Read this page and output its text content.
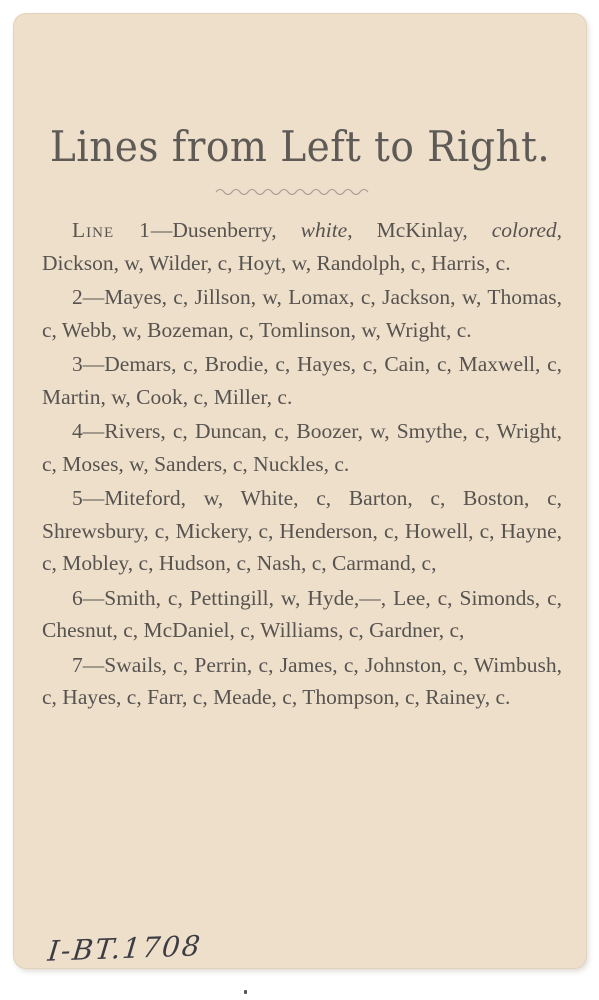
Lines from Left to Right.

Line 1—Dusenberry, white, McKinlay, colored, Dickson, w, Wilder, c, Hoyt, w, Randolph, c, Harris, c.

2—Mayes, c, Jillson, w, Lomax, c, Jackson, w, Thomas, c, Webb, w, Bozeman, c, Tomlinson, w, Wright, c.

3—Demars, c, Brodie, c, Hayes, c, Cain, c, Maxwell, c, Martin, w, Cook, c, Miller, c.

4—Rivers, c, Duncan, c, Boozer, w, Smythe, c, Wright, c, Moses, w, Sanders, c, Nuckles, c.

5—Miteford, w, White, c, Barton, c, Boston, c, Shrewsbury, c, Mickery, c, Henderson, c, Howell, c, Hayne, c, Mobley, c, Hudson, c, Nash, c, Carmand, c,

6—Smith, c, Pettingill, w, Hyde,—, Lee, c, Simonds, c, Chesnut, c, McDaniel, c, Williams, c, Gardner, c,

7—Swails, c, Perrin, c, James, c, Johnston, c, Wimbush, c, Hayes, c, Farr, c, Meade, c, Thompson, c, Rainey, c.

I-BT.1708
